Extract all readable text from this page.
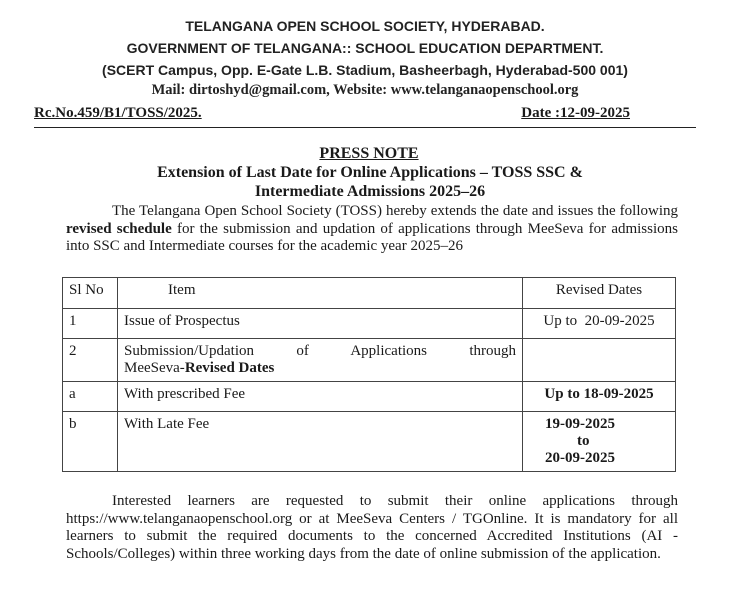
TELANGANA OPEN SCHOOL SOCIETY, HYDERABAD.
GOVERNMENT OF TELANGANA:: SCHOOL EDUCATION DEPARTMENT.
(SCERT Campus, Opp. E-Gate L.B. Stadium, Basheerbagh, Hyderabad-500 001)
Mail: dirtoshyd@gmail.com, Website: www.telanganaopenschool.org
Rc.No.459/B1/TOSS/2025.	Date :12-09-2025
PRESS NOTE
Extension of Last Date for Online Applications – TOSS SSC &
Intermediate Admissions 2025–26
The Telangana Open School Society (TOSS) hereby extends the date and issues the following revised schedule for the submission and updation of applications through MeeSeva for admissions into SSC and Intermediate courses for the academic year 2025–26
Sl No	Item	Revised Dates
1	Issue of Prospectus	Up to  20-09-2025
2	Submission/Updation of Applications through
MeeSeva-Revised Dates	
a	With prescribed Fee	Up to 18-09-2025
b	With Late Fee	19-09-2025
to
20-09-2025
Interested learners are requested to submit their online applications through https://www.telanganaopenschool.org or at MeeSeva Centers / TGOnline. It is mandatory for all learners to submit the required documents to the concerned Accredited Institutions (AI - Schools/Colleges) within three working days from the date of online submission of the application.
